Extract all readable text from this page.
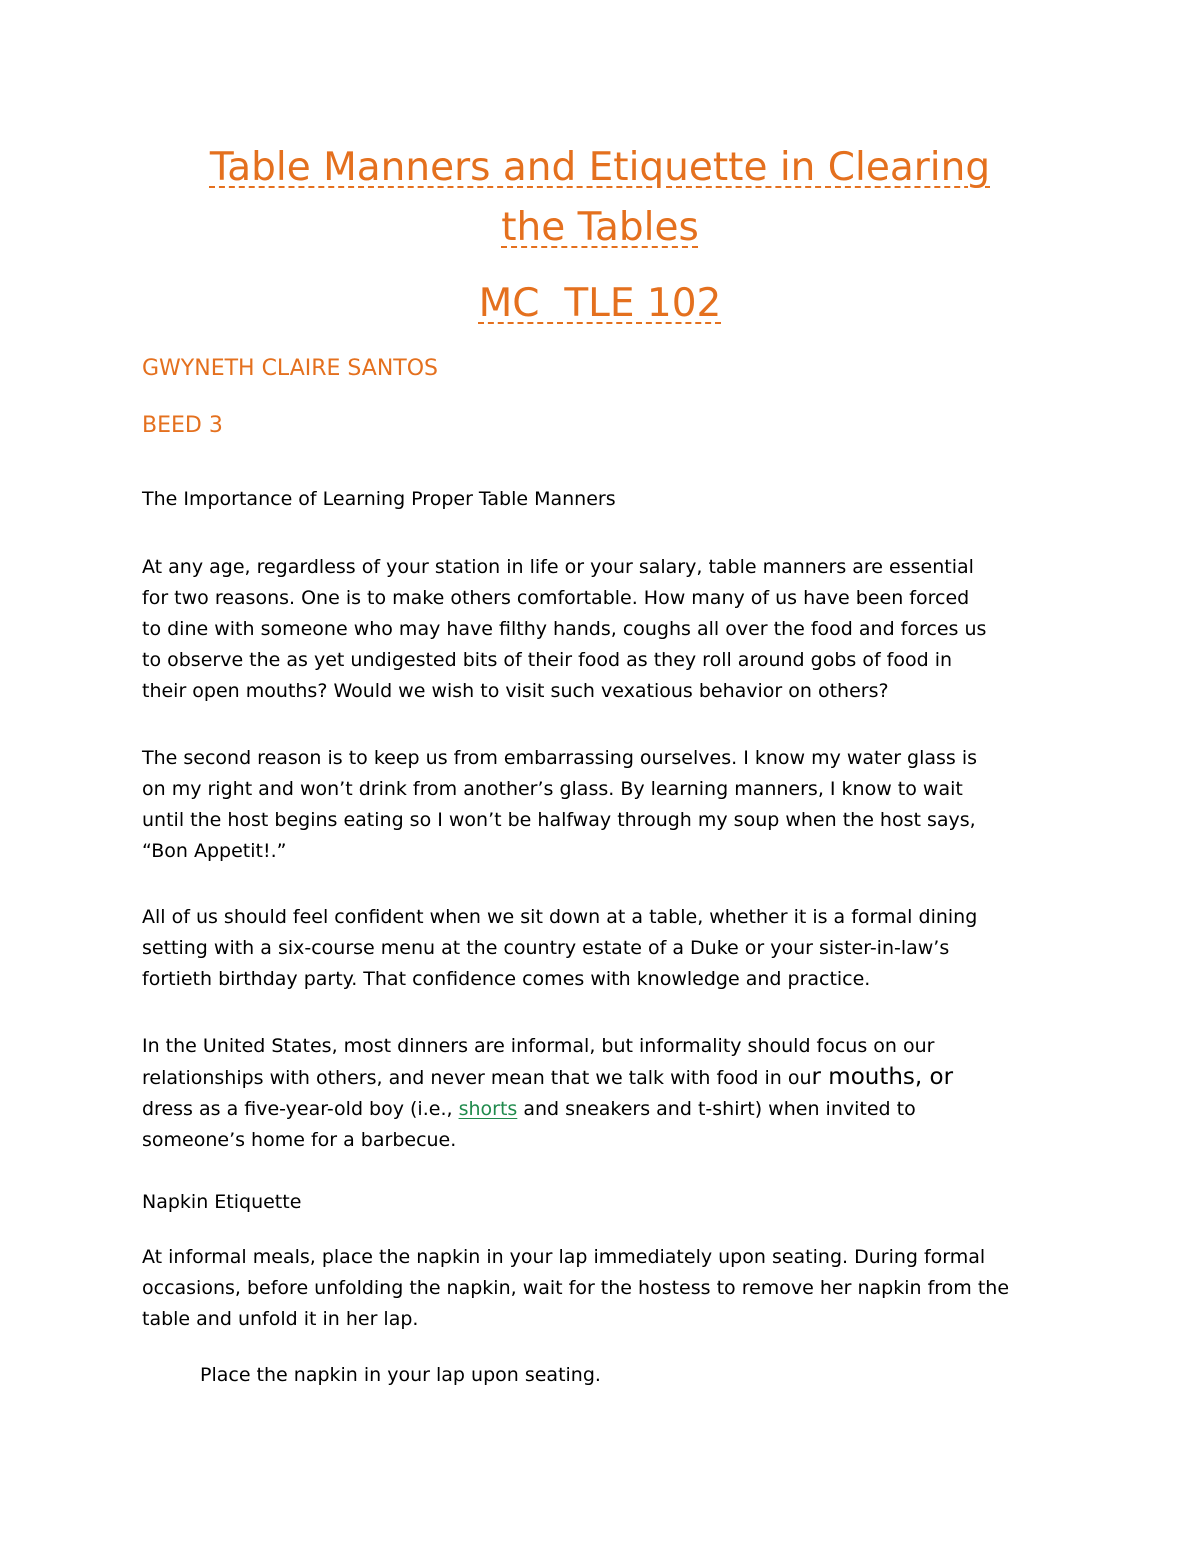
Table Manners and Etiquette in Clearing
the Tables
MC  TLE 102

GWYNETH CLAIRE SANTOS

BEED 3

The Importance of Learning Proper Table Manners

At any age, regardless of your station in life or your salary, table manners are essential
for two reasons. One is to make others comfortable. How many of us have been forced
to dine with someone who may have filthy hands, coughs all over the food and forces us
to observe the as yet undigested bits of their food as they roll around gobs of food in
their open mouths? Would we wish to visit such vexatious behavior on others?

The second reason is to keep us from embarrassing ourselves. I know my water glass is
on my right and won’t drink from another’s glass. By learning manners, I know to wait
until the host begins eating so I won’t be halfway through my soup when the host says,
“Bon Appetit!.”

All of us should feel confident when we sit down at a table, whether it is a formal dining
setting with a six-course menu at the country estate of a Duke or your sister-in-law’s
fortieth birthday party. That confidence comes with knowledge and practice.

In the United States, most dinners are informal, but informality should focus on our
relationships with others, and never mean that we talk with food in our mouths, or
dress as a five-year-old boy (i.e., shorts and sneakers and t-shirt) when invited to
someone’s home for a barbecue.

Napkin Etiquette

At informal meals, place the napkin in your lap immediately upon seating. During formal
occasions, before unfolding the napkin, wait for the hostess to remove her napkin from the
table and unfold it in her lap.

Place the napkin in your lap upon seating.
